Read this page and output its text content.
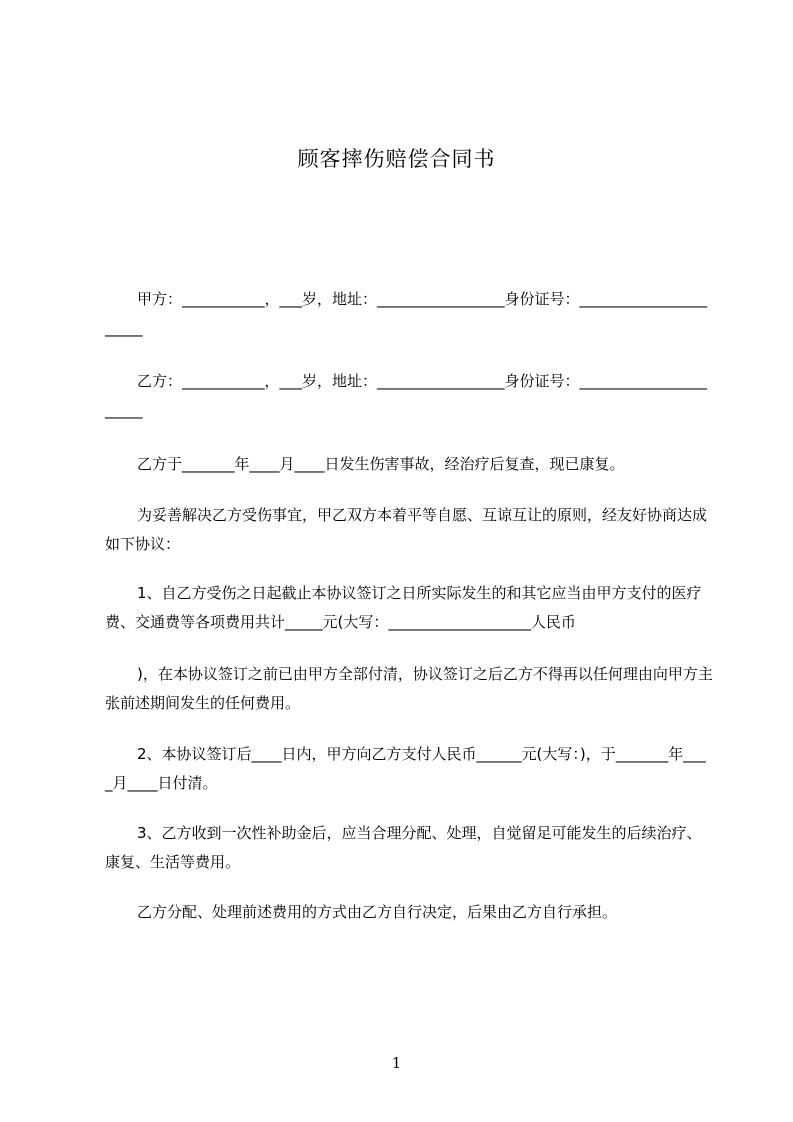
顾客摔伤赔偿合同书
甲方：___________，___岁，地址：_________________身份证号：______________________
乙方：___________，___岁，地址：_________________身份证号：______________________
乙方于_______年____月____日发生伤害事故，经治疗后复查，现已康复。
为妥善解决乙方受伤事宜，甲乙双方本着平等自愿、互谅互让的原则，经友好协商达成如下协议：
1、自乙方受伤之日起截止本协议签订之日所实际发生的和其它应当由甲方支付的医疗费、交通费等各项费用共计_____元(大写：___________________人民币
)，在本协议签订之前已由甲方全部付清，协议签订之后乙方不得再以任何理由向甲方主张前述期间发生的任何费用。
2、本协议签订后____日内，甲方向乙方支付人民币______元(大写：)，于_______年____月____日付清。
3、乙方收到一次性补助金后，应当合理分配、处理，自觉留足可能发生的后续治疗、康复、生活等费用。
乙方分配、处理前述费用的方式由乙方自行决定，后果由乙方自行承担。
1
